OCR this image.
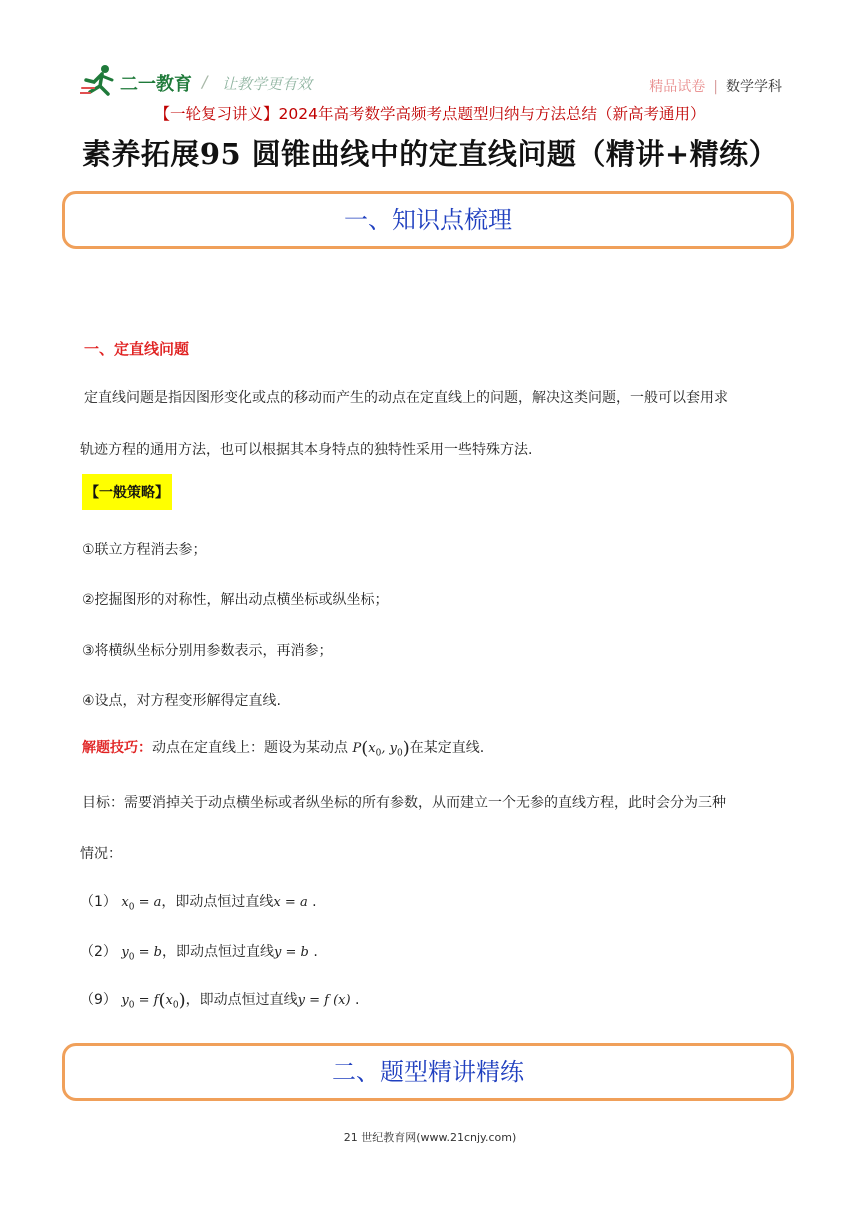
二一教育 / 让教学更有效	精品试卷 | 数学学科
【一轮复习讲义】2024年高考数学高频考点题型归纳与方法总结（新高考通用）
素养拓展95 圆锥曲线中的定直线问题（精讲+精练）
一、知识点梳理
一、定直线问题
定直线问题是指因图形变化或点的移动而产生的动点在定直线上的问题，解决这类问题，一般可以套用求
轨迹方程的通用方法，也可以根据其本身特点的独特性采用一些特殊方法.
【一般策略】
①联立方程消去参；
②挖掘图形的对称性，解出动点横坐标或纵坐标；
③将横纵坐标分别用参数表示，再消参；
④设点，对方程变形解得定直线.
解题技巧：动点在定直线上：题设为某动点 $P(x_0$, $y_0$)在某定直线.
目标：需要消掉关于动点横坐标或者纵坐标的所有参数，从而建立一个无参的直线方程，此时会分为三种
情况：
（1） $x_0 = a$，即动点恒过直线x = a .
（2） $y_0 = b$，即动点恒过直线y = b .
（9） $y_0 = f(x_0)$，即动点恒过直线y = f (x) .
二、题型精讲精练
21 世纪教育网(www.21cnjy.com)
